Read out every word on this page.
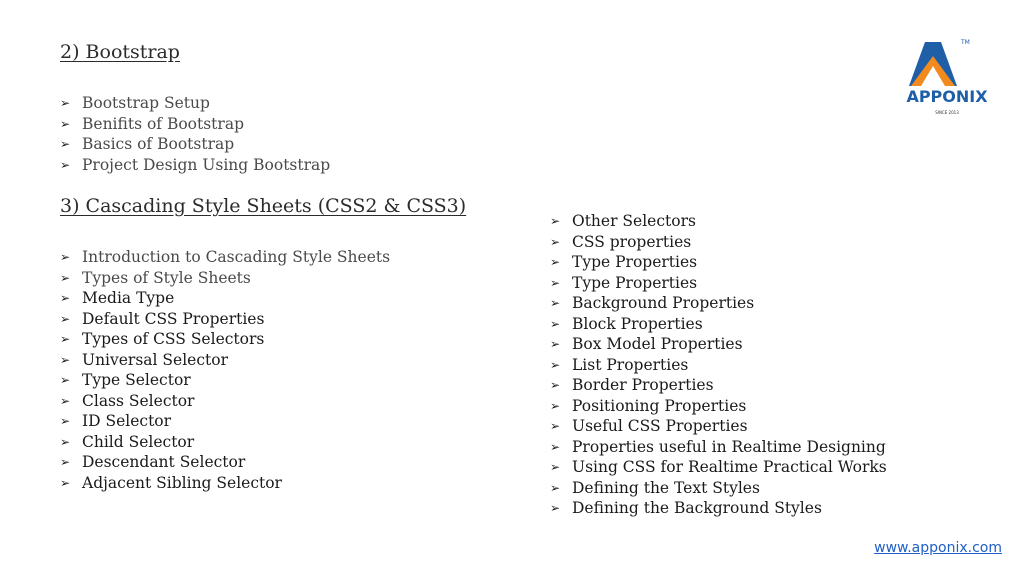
TM
APPONIX
SINCE 2013
2) Bootstrap
➢ Bootstrap Setup
➢ Benifits of Bootstrap
➢ Basics of Bootstrap
➢ Project Design Using Bootstrap
3) Cascading Style Sheets (CSS2 & CSS3)
➢ Introduction to Cascading Style Sheets
➢ Types of Style Sheets
➢ Media Type
➢ Default CSS Properties
➢ Types of CSS Selectors
➢ Universal Selector
➢ Type Selector
➢ Class Selector
➢ ID Selector
➢ Child Selector
➢ Descendant Selector
➢ Adjacent Sibling Selector
➢ Other Selectors
➢ CSS properties
➢ Type Properties
➢ Type Properties
➢ Background Properties
➢ Block Properties
➢ Box Model Properties
➢ List Properties
➢ Border Properties
➢ Positioning Properties
➢ Useful CSS Properties
➢ Properties useful in Realtime Designing
➢ Using CSS for Realtime Practical Works
➢ Defining the Text Styles
➢ Defining the Background Styles
www.apponix.com
